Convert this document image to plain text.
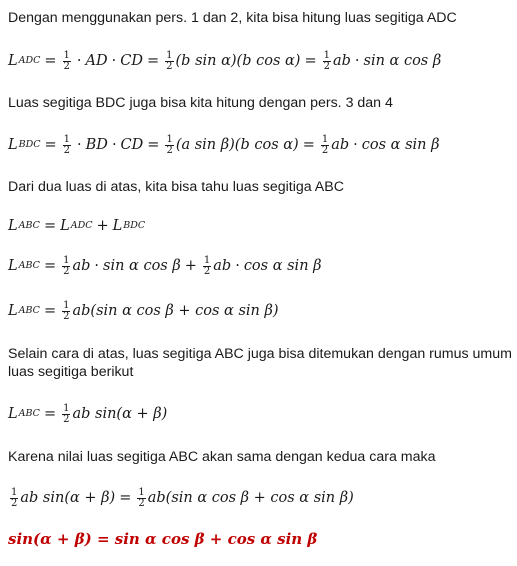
Dengan menggunakan pers. 1 dan 2, kita bisa hitung luas segitiga ADC
L ADC = $\frac{1}{2}$ · AD · CD = $\frac{1}{2} (b$ sin α) (b $\cos \alpha) = \frac{1}{2}$ ab · sin α cos β
Luas segitiga BDC juga bisa kita hitung dengan pers. 3 dan 4
L BDC = $\frac{1}{2}$ · BD · CD = $\frac{1}{2} (a$ sin β) (b $\cos \alpha) = \frac{1}{2}$ ab · cos α sin β
Dari dua luas di atas, kita bisa tahu luas segitiga ABC
L ABC = L ADC + L BDC
L ABC = $\frac{1}{2}$ ab · sin α $\cos \beta + \frac{1}{2}$ ab · cos α sin β
L ABC = $\frac{1}{2}$ ab (sin α cos β + cos α sin β)
Selain cara di atas, luas segitiga ABC juga bisa ditemukan dengan rumus umum luas segitiga berikut
L ABC = $\frac{1}{2}$ ab
sin(α + β)
Karena nilai luas segitiga ABC akan sama dengan kedua cara maka
$\frac{1}{2}$ ab
$\sin(\alpha + \beta) = \frac{1}{2}$ ab (sin α cos β + cos α sin β)
sin(α + β) = sin α cos β + cos α sin β
